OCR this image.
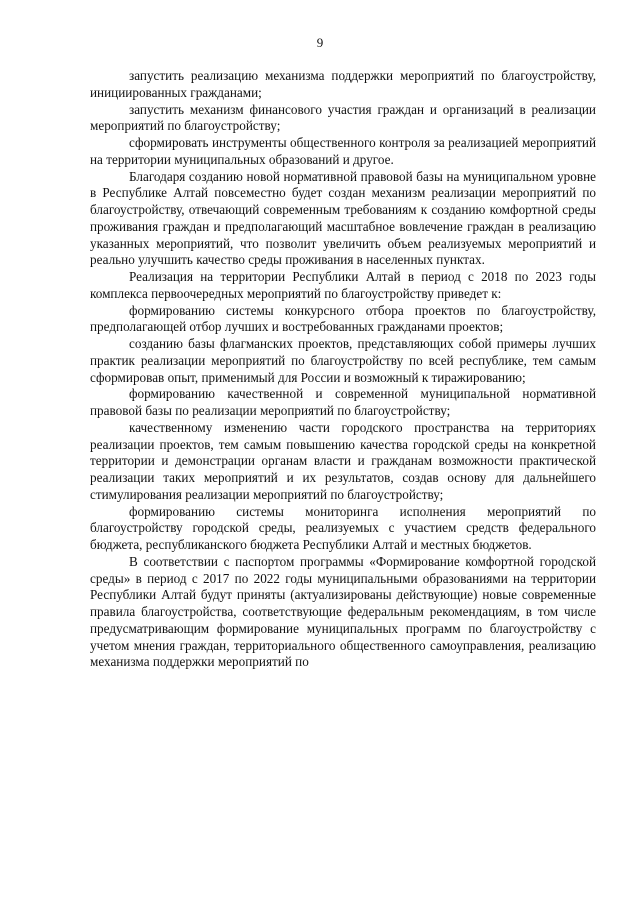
9

запустить реализацию механизма поддержки мероприятий по благоустройству, инициированных гражданами;

запустить механизм финансового участия граждан и организаций в реализации мероприятий по благоустройству;

сформировать инструменты общественного контроля за реализацией мероприятий на территории муниципальных образований и другое.

Благодаря созданию новой нормативной правовой базы на муниципальном уровне в Республике Алтай повсеместно будет создан механизм реализации мероприятий по благоустройству, отвечающий современным требованиям к созданию комфортной среды проживания граждан и предполагающий масштабное вовлечение граждан в реализацию указанных мероприятий, что позволит увеличить объем реализуемых мероприятий и реально улучшить качество среды проживания в населенных пунктах.

Реализация на территории Республики Алтай в период с 2018 по 2023 годы комплекса первоочередных мероприятий по благоустройству приведет к:

формированию системы конкурсного отбора проектов по благоустройству, предполагающей отбор лучших и востребованных гражданами проектов;

созданию базы флагманских проектов, представляющих собой примеры лучших практик реализации мероприятий по благоустройству по всей республике, тем самым сформировав опыт, применимый для России и возможный к тиражированию;

формированию качественной и современной муниципальной нормативной правовой базы по реализации мероприятий по благоустройству;

качественному изменению части городского пространства на территориях реализации проектов, тем самым повышению качества городской среды на конкретной территории и демонстрации органам власти и гражданам возможности практической реализации таких мероприятий и их результатов, создав основу для дальнейшего стимулирования реализации мероприятий по благоустройству;

формированию системы мониторинга исполнения мероприятий по благоустройству городской среды, реализуемых с участием средств федерального бюджета, республиканского бюджета Республики Алтай и местных бюджетов.

В соответствии с паспортом программы «Формирование комфортной городской среды» в период с 2017 по 2022 годы муниципальными образованиями на территории Республики Алтай будут приняты (актуализированы действующие) новые современные правила благоустройства, соответствующие федеральным рекомендациям, в том числе предусматривающим формирование муниципальных программ по благоустройству с учетом мнения граждан, территориального общественного самоуправления, реализацию механизма поддержки мероприятий по
